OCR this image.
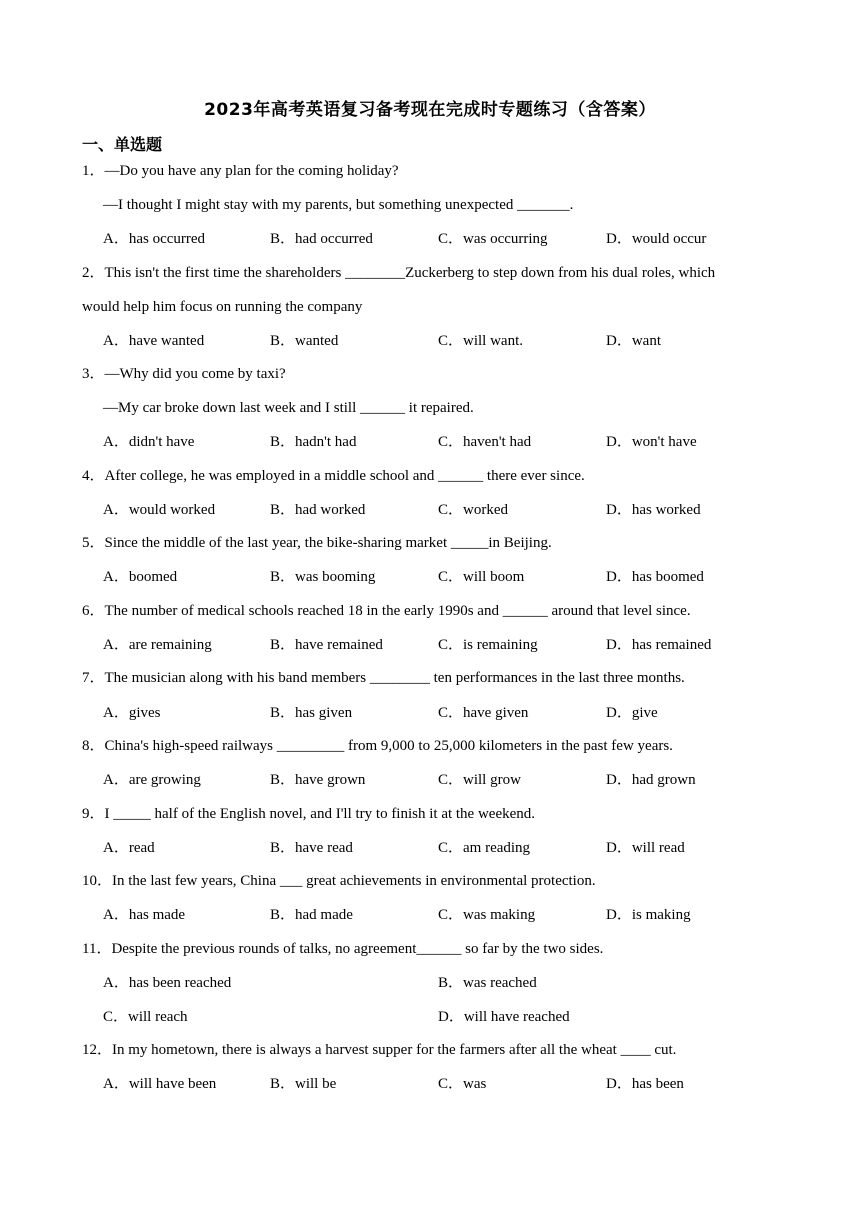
2023年高考英语复习备考现在完成时专题练习（含答案）
一、单选题
1．—Do you have any plan for the coming holiday?
—I thought I might stay with my parents, but something unexpected _______.
A．has occurred	B．had occurred	C．was occurring	D．would occur
2．This isn't the first time the shareholders ________Zuckerberg to step down from his dual roles, which
would help him focus on running the company
A．have wanted	B．wanted	C．will want.	D．want
3．—Why did you come by taxi?
—My car broke down last week and I still ______ it repaired.
A．didn't have	B．hadn't had	C．haven't had	D．won't have
4．After college, he was employed in a middle school and ______ there ever since.
A．would worked	B．had worked	C．worked	D．has worked
5．Since the middle of the last year, the bike-sharing market _____in Beijing.
A．boomed	B．was booming	C．will boom	D．has boomed
6．The number of medical schools reached 18 in the early 1990s and ______ around that level since.
A．are remaining	B．have remained	C．is remaining	D．has remained
7．The musician along with his band members ________ ten performances in the last three months.
A．gives	B．has given	C．have given	D．give
8．China's high-speed railways _________ from 9,000 to 25,000 kilometers in the past few years.
A．are growing	B．have grown	C．will grow	D．had grown
9．I _____ half of the English novel, and I'll try to finish it at the weekend.
A．read	B．have read	C．am reading	D．will read
10．In the last few years, China ___ great achievements in environmental protection.
A．has made	B．had made	C．was making	D．is making
11．Despite the previous rounds of talks, no agreement______ so far by the two sides.
A．has been reached	B．was reached
C．will reach	D．will have reached
12．In my hometown, there is always a harvest supper for the farmers after all the wheat ____ cut.
A．will have been	B．will be	C．was	D．has been
